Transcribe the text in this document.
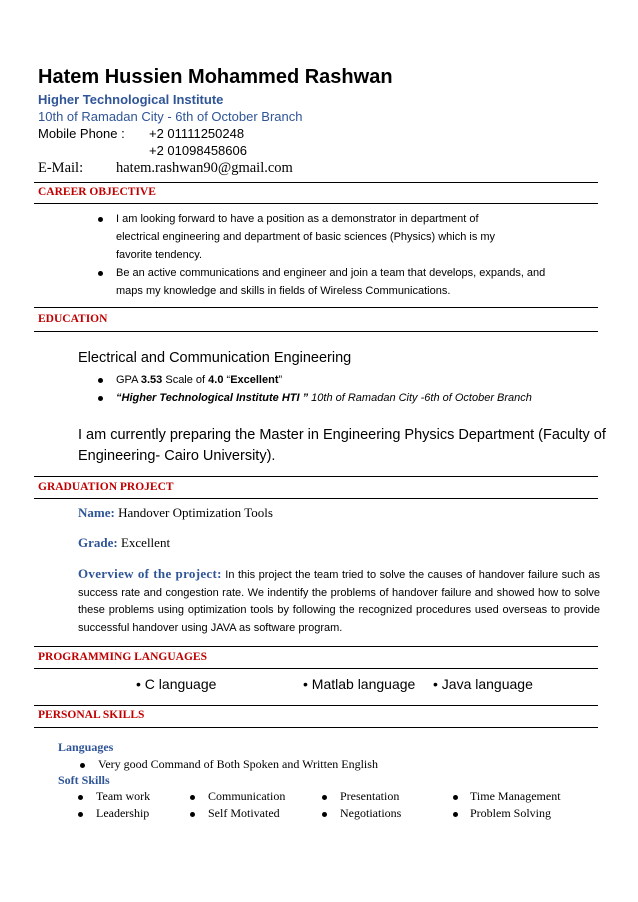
Hatem Hussien Mohammed Rashwan
Higher Technological Institute
10th of Ramadan City - 6th of October Branch
Mobile Phone : +2 01111250248
+2 01098458606
E-Mail: hatem.rashwan90@gmail.com
CAREER OBJECTIVE
I am looking forward to have a position as a demonstrator in department of
electrical engineering and department of basic sciences (Physics) which is my
favorite tendency.
Be an active communications and engineer and join a team that develops, expands, and
maps my knowledge and skills in fields of Wireless Communications.
EDUCATION
Electrical and Communication Engineering
GPA 3.53 Scale of 4.0 “Excellent”
“Higher Technological Institute HTI ” 10th of Ramadan City -6th of October Branch
I am currently preparing the Master in Engineering Physics Department (Faculty of
Engineering- Cairo University).
GRADUATION PROJECT
Name: Handover Optimization Tools
Grade: Excellent
Overview of the project: In this project the team tried to solve the causes of handover failure such as success rate and congestion rate. We indentify the problems of handover failure and showed how to solve these problems using optimization tools by following the recognized procedures used overseas to provide successful handover using JAVA as software program.
PROGRAMMING LANGUAGES
• C language	• Matlab language • Java language
PERSONAL SKILLS
Languages
Very good Command of Both Spoken and Written English
Soft Skills
Team work	Communication	Presentation	Time Management
Leadership	Self Motivated	Negotiations	Problem Solving
